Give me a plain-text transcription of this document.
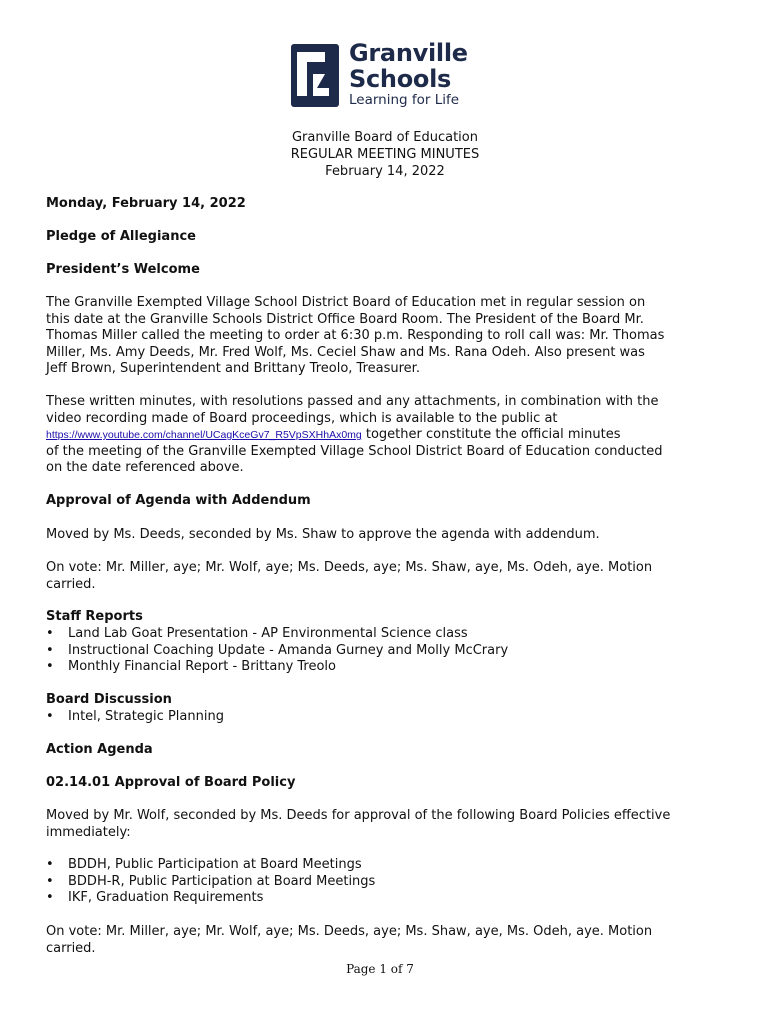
Granville
Schools
Learning for Life
Granville Board of Education
REGULAR MEETING MINUTES
February 14, 2022
Monday, February 14, 2022
Pledge of Allegiance
President’s Welcome
The Granville Exempted Village School District Board of Education met in regular session on
this date at the Granville Schools District Office Board Room. The President of the Board Mr.
Thomas Miller called the meeting to order at 6:30 p.m. Responding to roll call was: Mr. Thomas
Miller, Ms. Amy Deeds, Mr. Fred Wolf, Ms. Ceciel Shaw and Ms. Rana Odeh. Also present was
Jeff Brown, Superintendent and Brittany Treolo, Treasurer.
These written minutes, with resolutions passed and any attachments, in combination with the
video recording made of Board proceedings, which is available to the public at
https://www.youtube.com/channel/UCagKceGv7_R5VpSXHhAx0mg together constitute the official minutes
of the meeting of the Granville Exempted Village School District Board of Education conducted
on the date referenced above.
Approval of Agenda with Addendum
Moved by Ms. Deeds, seconded by Ms. Shaw to approve the agenda with addendum.
On vote: Mr. Miller, aye; Mr. Wolf, aye; Ms. Deeds, aye; Ms. Shaw, aye, Ms. Odeh, aye. Motion
carried.
Staff Reports
• Land Lab Goat Presentation - AP Environmental Science class
• Instructional Coaching Update - Amanda Gurney and Molly McCrary
• Monthly Financial Report - Brittany Treolo
Board Discussion
• Intel, Strategic Planning
Action Agenda
02.14.01 Approval of Board Policy
Moved by Mr. Wolf, seconded by Ms. Deeds for approval of the following Board Policies effective
immediately:
• BDDH, Public Participation at Board Meetings
• BDDH-R, Public Participation at Board Meetings
• IKF, Graduation Requirements
On vote: Mr. Miller, aye; Mr. Wolf, aye; Ms. Deeds, aye; Ms. Shaw, aye, Ms. Odeh, aye. Motion
carried.
Page 1 of 7
